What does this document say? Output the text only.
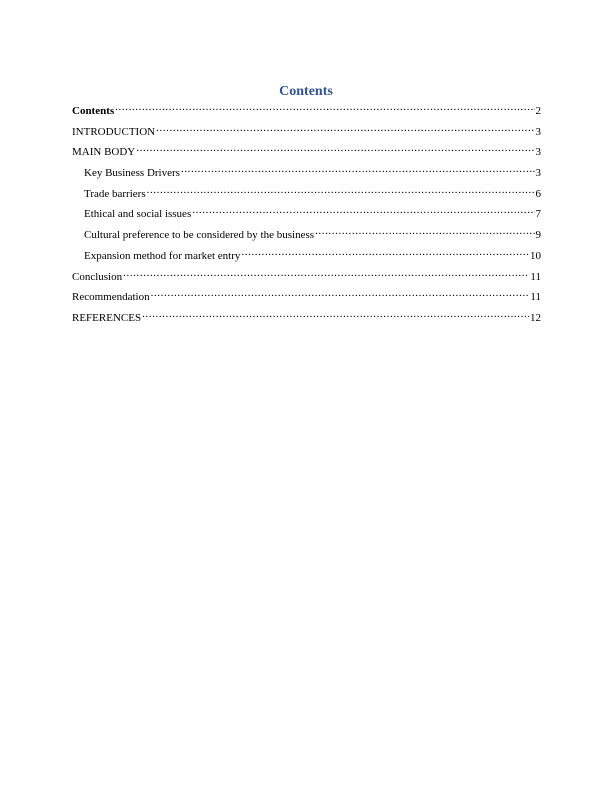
Contents
Contents .....	2
INTRODUCTION .....	3
MAIN BODY .....	3
Key Business Drivers .....	3
Trade barriers .....	6
Ethical and social issues .....	7
Cultural preference to be considered by the business .....	9
Expansion method for market entry .....	10
Conclusion .....	11
Recommendation .....	11
REFERENCES .....	12
